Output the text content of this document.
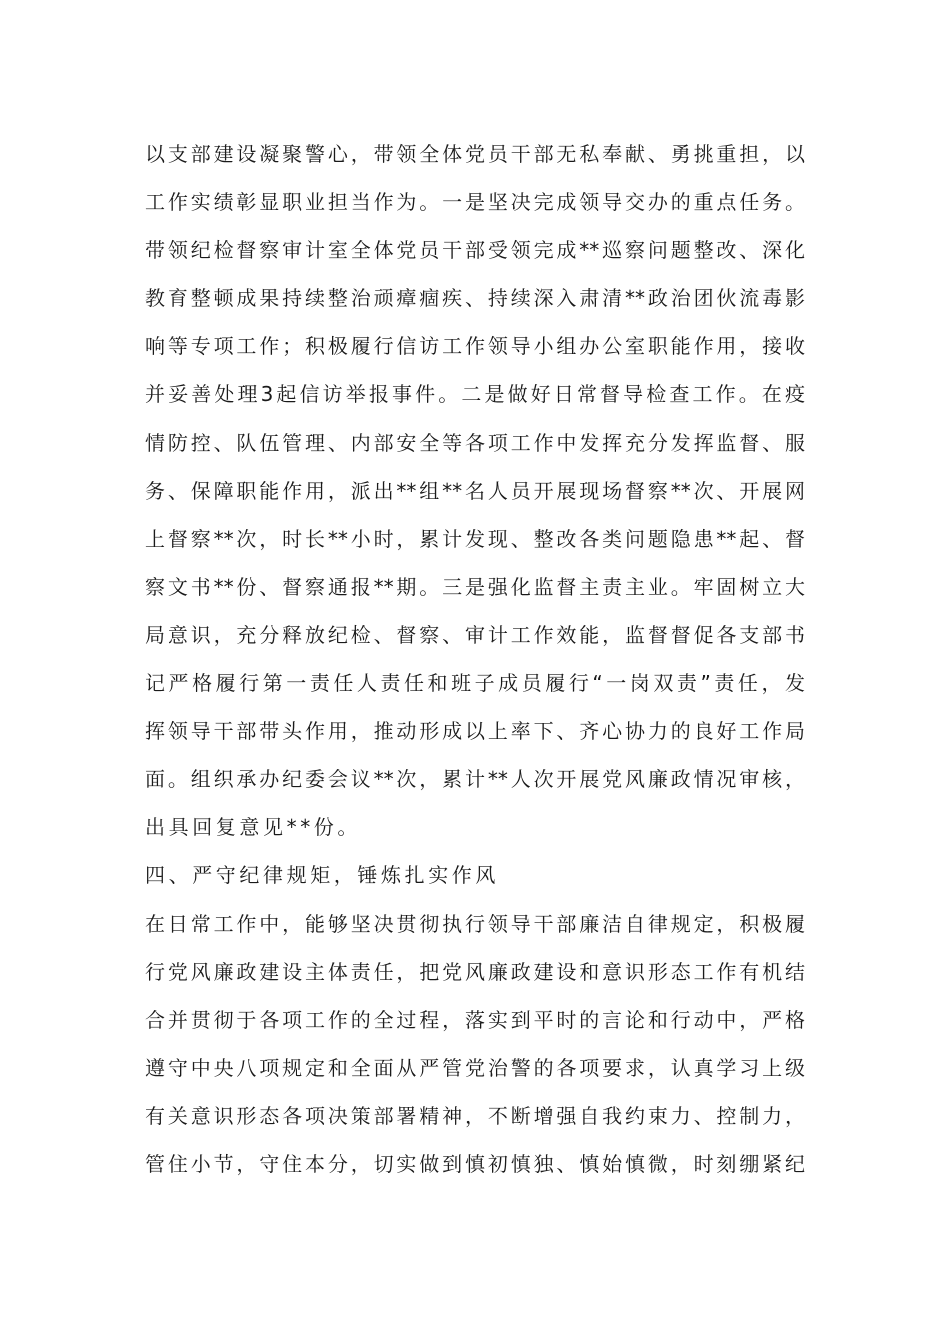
以支部建设凝聚警心，带领全体党员干部无私奉献、勇挑重担，以
工作实绩彰显职业担当作为。一是坚决完成领导交办的重点任务。
带领纪检督察审计室全体党员干部受领完成**巡察问题整改、深化
教育整顿成果持续整治顽瘴痼疾、持续深入肃清**政治团伙流毒影
响等专项工作；积极履行信访工作领导小组办公室职能作用，接收
并妥善处理3起信访举报事件。二是做好日常督导检查工作。在疫
情防控、队伍管理、内部安全等各项工作中发挥充分发挥监督、服
务、保障职能作用，派出**组**名人员开展现场督察**次、开展网
上督察**次，时长**小时，累计发现、整改各类问题隐患**起、督
察文书**份、督察通报**期。三是强化监督主责主业。牢固树立大
局意识，充分释放纪检、督察、审计工作效能，监督督促各支部书
记严格履行第一责任人责任和班子成员履行“一岗双责”责任，发
挥领导干部带头作用，推动形成以上率下、齐心协力的良好工作局
面。组织承办纪委会议**次，累计**人次开展党风廉政情况审核，
出具回复意见**份。
四、严守纪律规矩，锤炼扎实作风
在日常工作中，能够坚决贯彻执行领导干部廉洁自律规定，积极履
行党风廉政建设主体责任，把党风廉政建设和意识形态工作有机结
合并贯彻于各项工作的全过程，落实到平时的言论和行动中，严格
遵守中央八项规定和全面从严管党治警的各项要求，认真学习上级
有关意识形态各项决策部署精神，不断增强自我约束力、控制力，
管住小节，守住本分，切实做到慎初慎独、慎始慎微，时刻绷紧纪
